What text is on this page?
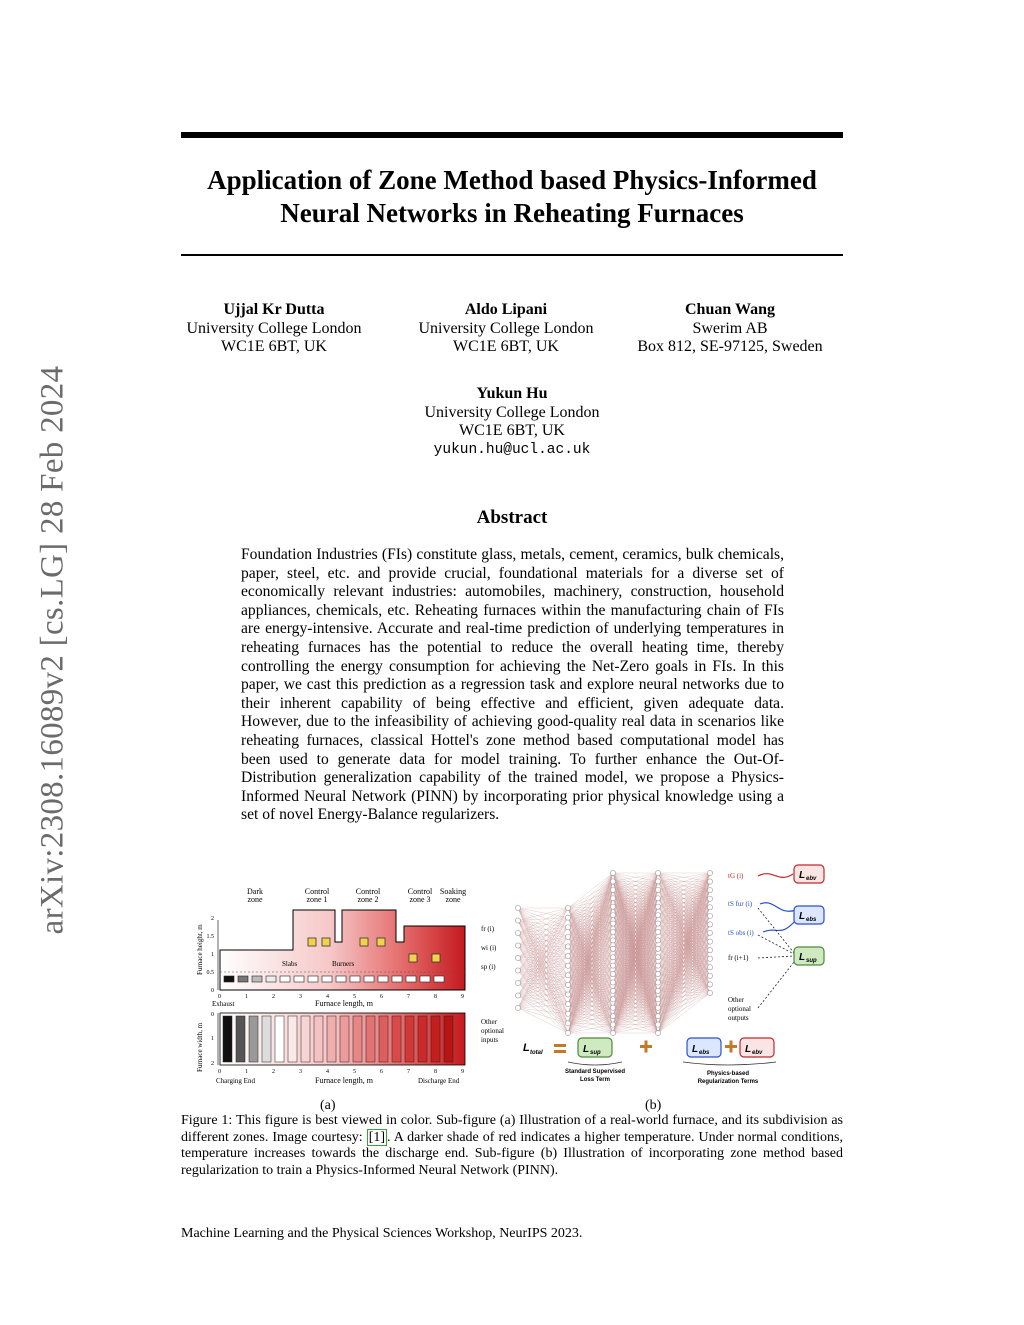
arXiv:2308.16089v2 [cs.LG] 28 Feb 2024
Application of Zone Method based Physics-Informed
Neural Networks in Reheating Furnaces
Ujjal Kr Dutta
University College London
WC1E 6BT, UK
Aldo Lipani
University College London
WC1E 6BT, UK
Chuan Wang
Swerim AB
Box 812, SE-97125, Sweden
Yukun Hu
University College London
WC1E 6BT, UK
yukun.hu@ucl.ac.uk
Abstract
Foundation Industries (FIs) constitute glass, metals, cement, ceramics, bulk chemicals, paper, steel, etc. and provide crucial, foundational materials for a diverse set of economically relevant industries: automobiles, machinery, construction, household appliances, chemicals, etc. Reheating furnaces within the manufacturing chain of FIs are energy-intensive. Accurate and real-time prediction of underlying temperatures in reheating furnaces has the potential to reduce the overall heating time, thereby controlling the energy consumption for achieving the Net-Zero goals in FIs. In this paper, we cast this prediction as a regression task and explore neural networks due to their inherent capability of being effective and efficient, given adequate data. However, due to the infeasibility of achieving good-quality real data in scenarios like reheating furnaces, classical Hottel's zone method based computational model has been used to generate data for model training. To further enhance the Out-Of-Distribution generalization capability of the trained model, we propose a Physics-Informed Neural Network (PINN) by incorporating prior physical knowledge using a set of novel Energy-Balance regularizers.
Dark
zone
Control
zone 1
Control
zone 2
Control
zone 3
Soaking
zone
Slabs	Burners
Furnace height, m
0
0.5
1
1.5
2
0	1	2	3	4	5	6	7	8	9
Exhaust	Furnace length, m
Furnace width, m
0
1
2
0	1	2	3	4	5	6	7	8	9
Charging End	Furnace length, m	Discharge End
(a)
fr (i)
wi (i)
sp (i)
Other
optional
inputs
tG (i)
tS fur (i)
tS obs (i)
fr (i+1)
Other
optional
outputs
L ebv
L ebs
L sup
L total	L sup	L ebs	L ebv
Standard Supervised
Loss Term
Physics-based
Regularization Terms
(b)
Figure 1: This figure is best viewed in color. Sub-figure (a) Illustration of a real-world furnace, and its subdivision as different zones. Image courtesy: [1] . A darker shade of red indicates a higher temperature. Under normal conditions, temperature increases towards the discharge end. Sub-figure (b) Illustration of incorporating zone method based regularization to train a Physics-Informed Neural Network (PINN).
Machine Learning and the Physical Sciences Workshop, NeurIPS 2023.
